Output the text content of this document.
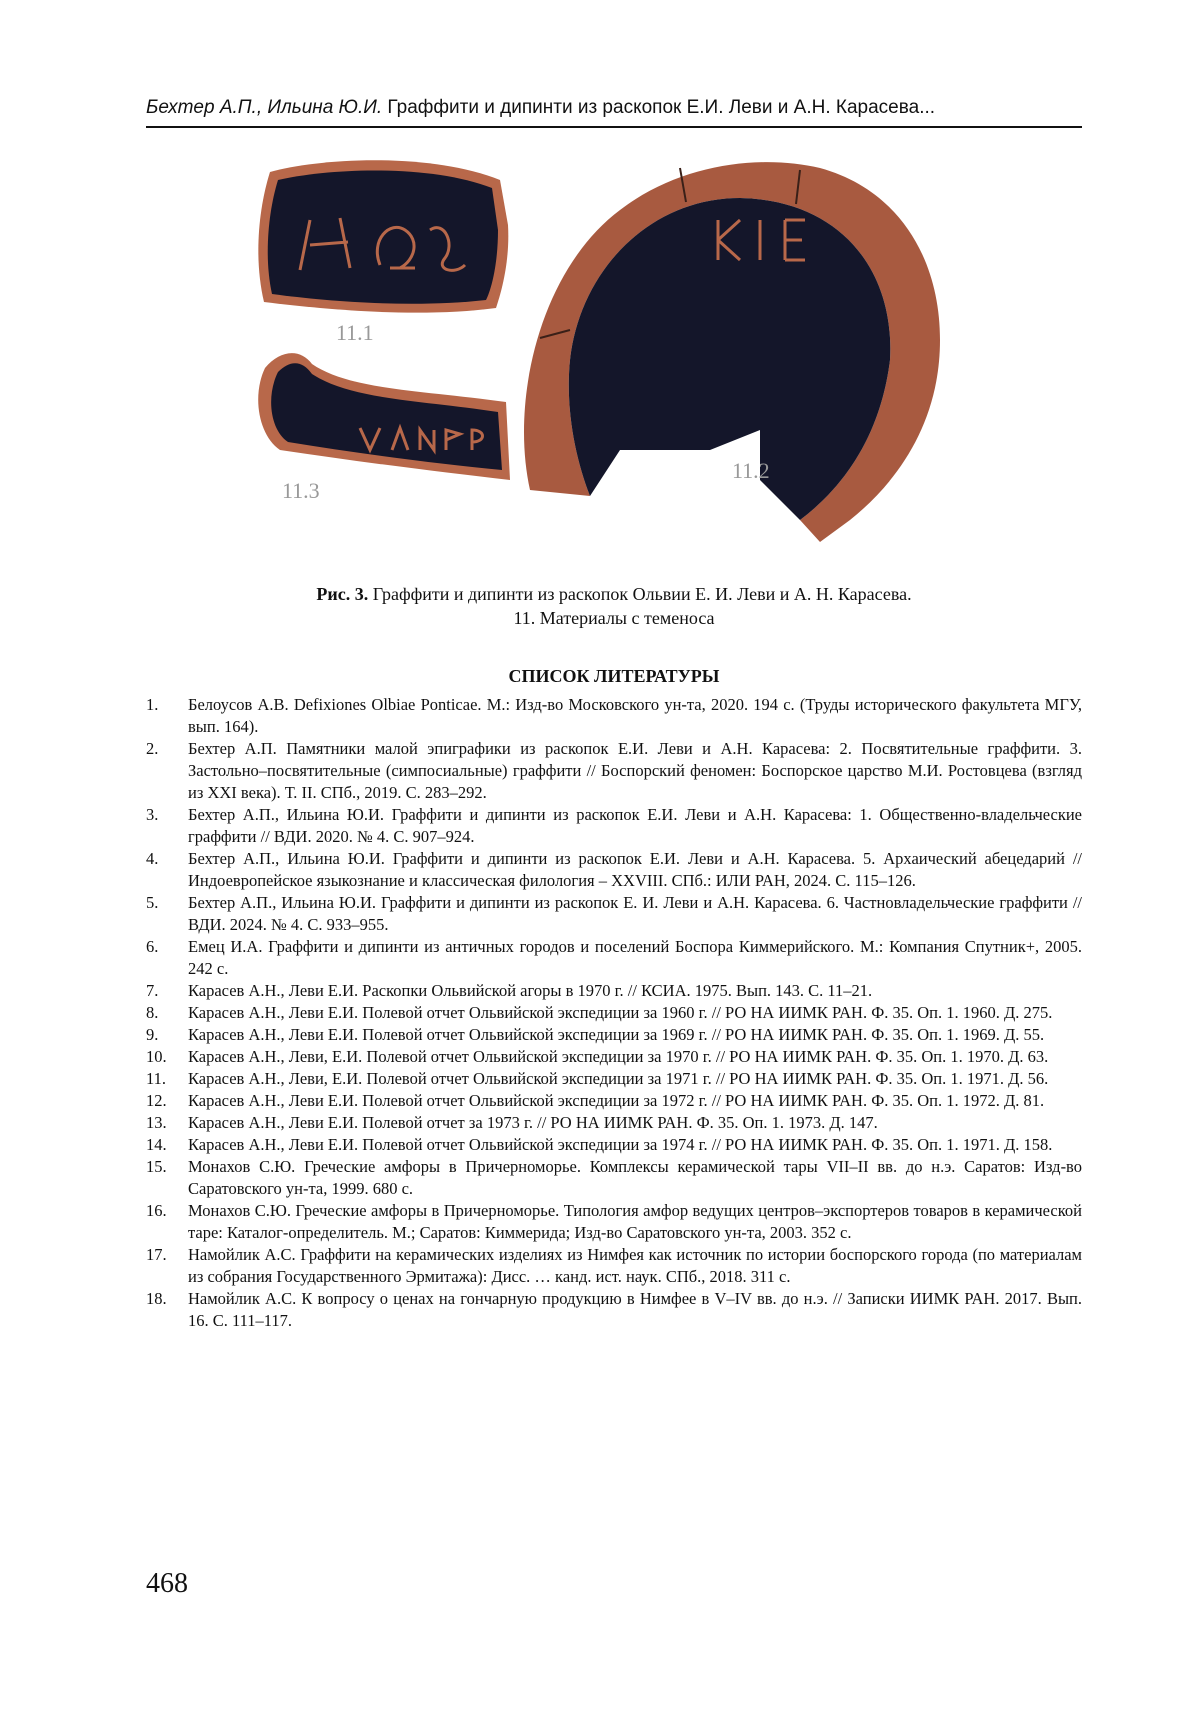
Бехтер А.П., Ильина Ю.И. Граффити и дипинти из раскопок Е.И. Леви и А.Н. Карасева...
11.1
11.3
11.2
Рис. 3. Граффити и дипинти из раскопок Ольвии Е. И. Леви и А. Н. Карасева.
11. Материалы с теменоса
СПИСОК ЛИТЕРАТУРЫ
1. Белоусов А.В. Defixiones Olbiae Ponticae. М.: Изд-во Московского ун-та, 2020. 194 с. (Труды исторического факультета МГУ, вып. 164).
2. Бехтер А.П. Памятники малой эпиграфики из раскопок Е.И. Леви и А.Н. Карасева: 2. Посвятительные граффити. 3. Застольно–посвятительные (симпосиальные) граффити // Боспорский феномен: Боспорское царство М.И. Ростовцева (взгляд из XXI века). Т. II. СПб., 2019. С. 283–292.
3. Бехтер А.П., Ильина Ю.И. Граффити и дипинти из раскопок Е.И. Леви и А.Н. Карасева: 1. Общественно-владельческие граффити // ВДИ. 2020. № 4. С. 907–924.
4. Бехтер А.П., Ильина Ю.И. Граффити и дипинти из раскопок Е.И. Леви и А.Н. Карасева. 5. Архаический абецедарий // Индоевропейское языкознание и классическая филология – XXVIII. СПб.: ИЛИ РАН, 2024. С. 115–126.
5. Бехтер А.П., Ильина Ю.И. Граффити и дипинти из раскопок Е. И. Леви и А.Н. Карасева. 6. Частновладельческие граффити // ВДИ. 2024. № 4. С. 933–955.
6. Емец И.А. Граффити и дипинти из античных городов и поселений Боспора Киммерийского. М.: Компания Спутник+, 2005. 242 с.
7. Карасев А.Н., Леви Е.И. Раскопки Ольвийской агоры в 1970 г. // КСИА. 1975. Вып. 143. С. 11–21.
8. Карасев А.Н., Леви Е.И. Полевой отчет Ольвийской экспедиции за 1960 г. // РО НА ИИМК РАН. Ф. 35. Оп. 1. 1960. Д. 275.
9. Карасев А.Н., Леви Е.И. Полевой отчет Ольвийской экспедиции за 1969 г. // РО НА ИИМК РАН. Ф. 35. Оп. 1. 1969. Д. 55.
10. Карасев А.Н., Леви, Е.И. Полевой отчет Ольвийской экспедиции за 1970 г. // РО НА ИИМК РАН. Ф. 35. Оп. 1. 1970. Д. 63.
11. Карасев А.Н., Леви, Е.И. Полевой отчет Ольвийской экспедиции за 1971 г. // РО НА ИИМК РАН. Ф. 35. Оп. 1. 1971. Д. 56.
12. Карасев А.Н., Леви Е.И. Полевой отчет Ольвийской экспедиции за 1972 г. // РО НА ИИМК РАН. Ф. 35. Оп. 1. 1972. Д. 81.
13. Карасев А.Н., Леви Е.И. Полевой отчет за 1973 г. // РО НА ИИМК РАН. Ф. 35. Оп. 1. 1973. Д. 147.
14. Карасев А.Н., Леви Е.И. Полевой отчет Ольвийской экспедиции за 1974 г. // РО НА ИИМК РАН. Ф. 35. Оп. 1. 1971. Д. 158.
15. Монахов С.Ю. Греческие амфоры в Причерноморье. Комплексы керамической тары VII–II вв. до н.э. Саратов: Изд-во Саратовского ун-та, 1999. 680 с.
16. Монахов С.Ю. Греческие амфоры в Причерноморье. Типология амфор ведущих центров–экспортеров товаров в керамической таре: Каталог-определитель. М.; Саратов: Киммерида; Изд-во Саратовского ун-та, 2003. 352 с.
17. Намойлик А.С. Граффити на керамических изделиях из Нимфея как источник по истории боспорского города (по материалам из собрания Государственного Эрмитажа): Дисс. … канд. ист. наук. СПб., 2018. 311 с.
18. Намойлик А.С. К вопросу о ценах на гончарную продукцию в Нимфее в V–IV вв. до н.э. // Записки ИИМК РАН. 2017. Вып. 16. С. 111–117.
468
